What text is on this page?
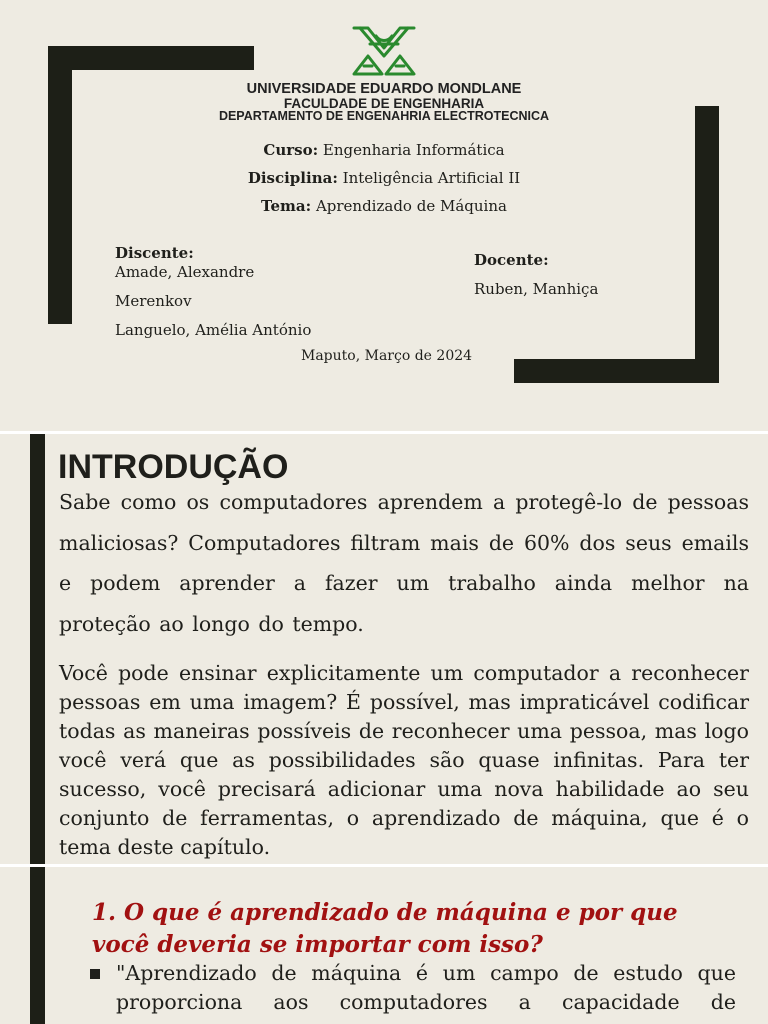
UNIVERSIDADE EDUARDO MONDLANE
FACULDADE DE ENGENHARIA
DEPARTAMENTO DE ENGENAHRIA ELECTROTECNICA
Curso: Engenharia Informática
Disciplina: Inteligência Artificial II
Tema: Aprendizado de Máquina
Discente:
Amade, Alexandre
Merenkov
Languelo, Amélia António
Docente:
Ruben, Manhiça
Maputo, Março de 2024
INTRODUÇÃO

Sabe como os computadores aprendem a protegê-lo de pessoas maliciosas? Computadores filtram mais de 60% dos seus emails e podem aprender a fazer um trabalho ainda melhor na proteção ao longo do tempo.

Você pode ensinar explicitamente um computador a reconhecer pessoas em uma imagem? É possível, mas impraticável codificar todas as maneiras possíveis de reconhecer uma pessoa, mas logo você verá que as possibilidades são quase infinitas. Para ter sucesso, você precisará adicionar uma nova habilidade ao seu conjunto de ferramentas, o aprendizado de máquina, que é o tema deste capítulo.

1. O que é aprendizado de máquina e por que você deveria se importar com isso?

"Aprendizado de máquina é um campo de estudo que proporciona aos computadores a capacidade de
